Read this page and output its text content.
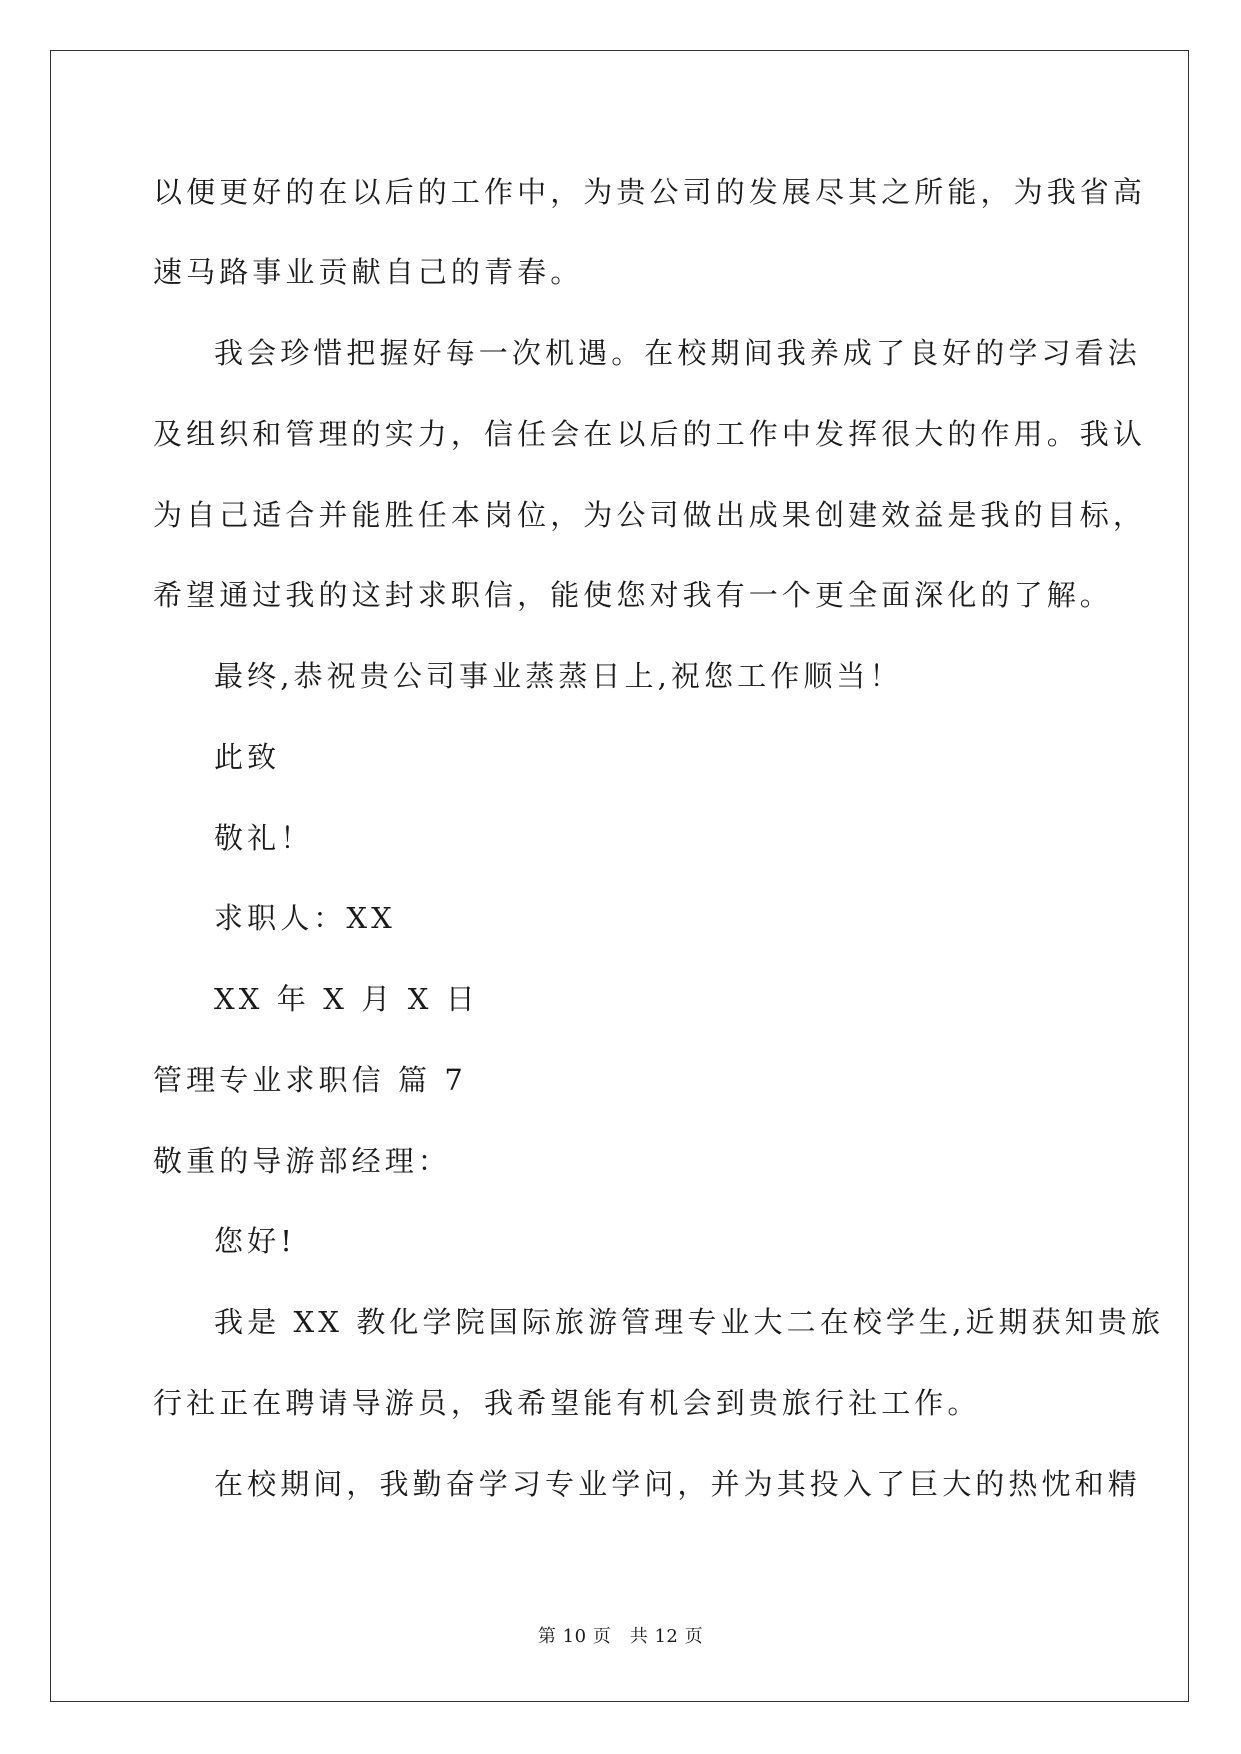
以便更好的在以后的工作中，为贵公司的发展尽其之所能，为我省高
速马路事业贡献自己的青春。
我会珍惜把握好每一次机遇。在校期间我养成了良好的学习看法
及组织和管理的实力，信任会在以后的工作中发挥很大的作用。我认
为自己适合并能胜任本岗位，为公司做出成果创建效益是我的目标，
希望通过我的这封求职信，能使您对我有一个更全面深化的了解。
最终,恭祝贵公司事业蒸蒸日上,祝您工作顺当！
此致
敬礼！
求职人：XX
XX 年 X 月 X 日
管理专业求职信 篇 7
敬重的导游部经理：
您好!
我是 XX 教化学院国际旅游管理专业大二在校学生,近期获知贵旅
行社正在聘请导游员，我希望能有机会到贵旅行社工作。
在校期间，我勤奋学习专业学问，并为其投入了巨大的热忱和精
第 10 页　共 12 页
